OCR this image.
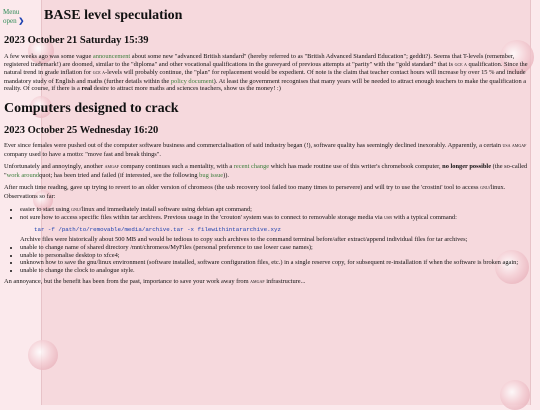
Menu
open ❯ BASE level speculation
2023 October 21 Saturday 15:39

A few weeks ago was some vague announcement about some new "advanced British standard" (hereby referred to as "British Advanced Standard Education"; geddit?). Seems that T-levels (remember, registered trademark!) are doomed, similar to the "diploma" and other vocational qualifications in the graveyard of previous attempts at "parity" with the "gold standard" that is gce a qualification. Since the natural trend in grade inflation for gce a-levels will probably continue, the "plan" for replacement would be expedient. Of note is the claim that teacher contact hours will increase by over 15 % and include mandatory study of English and maths (further details within the policy document). At least the government recognises that many years will be needed to attract enough teachers to make the qualification a reality. Of course, if there is a real desire to attract more maths and sciences teachers, show us the money! :)

Computers designed to crack
2023 October 25 Wednesday 16:20

Ever since females were pushed out of the computer software business and commercialisation of said industry began (!), software quality has seemingly declined inexorably. Apparently, a certain usa amgaf company used to have a motto: "move fast and break things".

Unfortunately and annoyingly, another amgaf company continues such a mentality, with a recent change which has made routine use of this writer's chromebook computer, no longer possible (the so-called "work aroundquot; has been tried and failed (if interested, see the following bug issue)).

After much time reading, gave up trying to revert to an older version of chromeos (the usb recovery tool failed too many times to persevere) and will try to use the 'crostini' tool to access gnu/linux. Observations so far:

• easier to start using gnu/linux and immediately install software using debian apt command;
• not sure how to access specific files within tar archives. Previous usage in the 'crouton' system was to connect to removable storage media via usb with a typical command:
tar -f /path/to/removable/media/archive.tar -x filewithintararchive.xyz
Archive files were historically about 500 MB and would be tedious to copy such archives to the command terminal before/after extract/append individual files for tar archives;
• unable to change name of shared directory /mnt/chromeos/MyFiles (personal preference to use lower case names);
• unable to personalise desktop to xfce4;
• unknown how to save the gnu/linux environment (software installed, software configuration files, etc.) in a single reserve copy, for subsequent re-installation if when the software is broken again;
• unable to change the clock to analogue style.

An annoyance, but the benefit has been from the past, importance to save your work away from amgaf infrastructure...
